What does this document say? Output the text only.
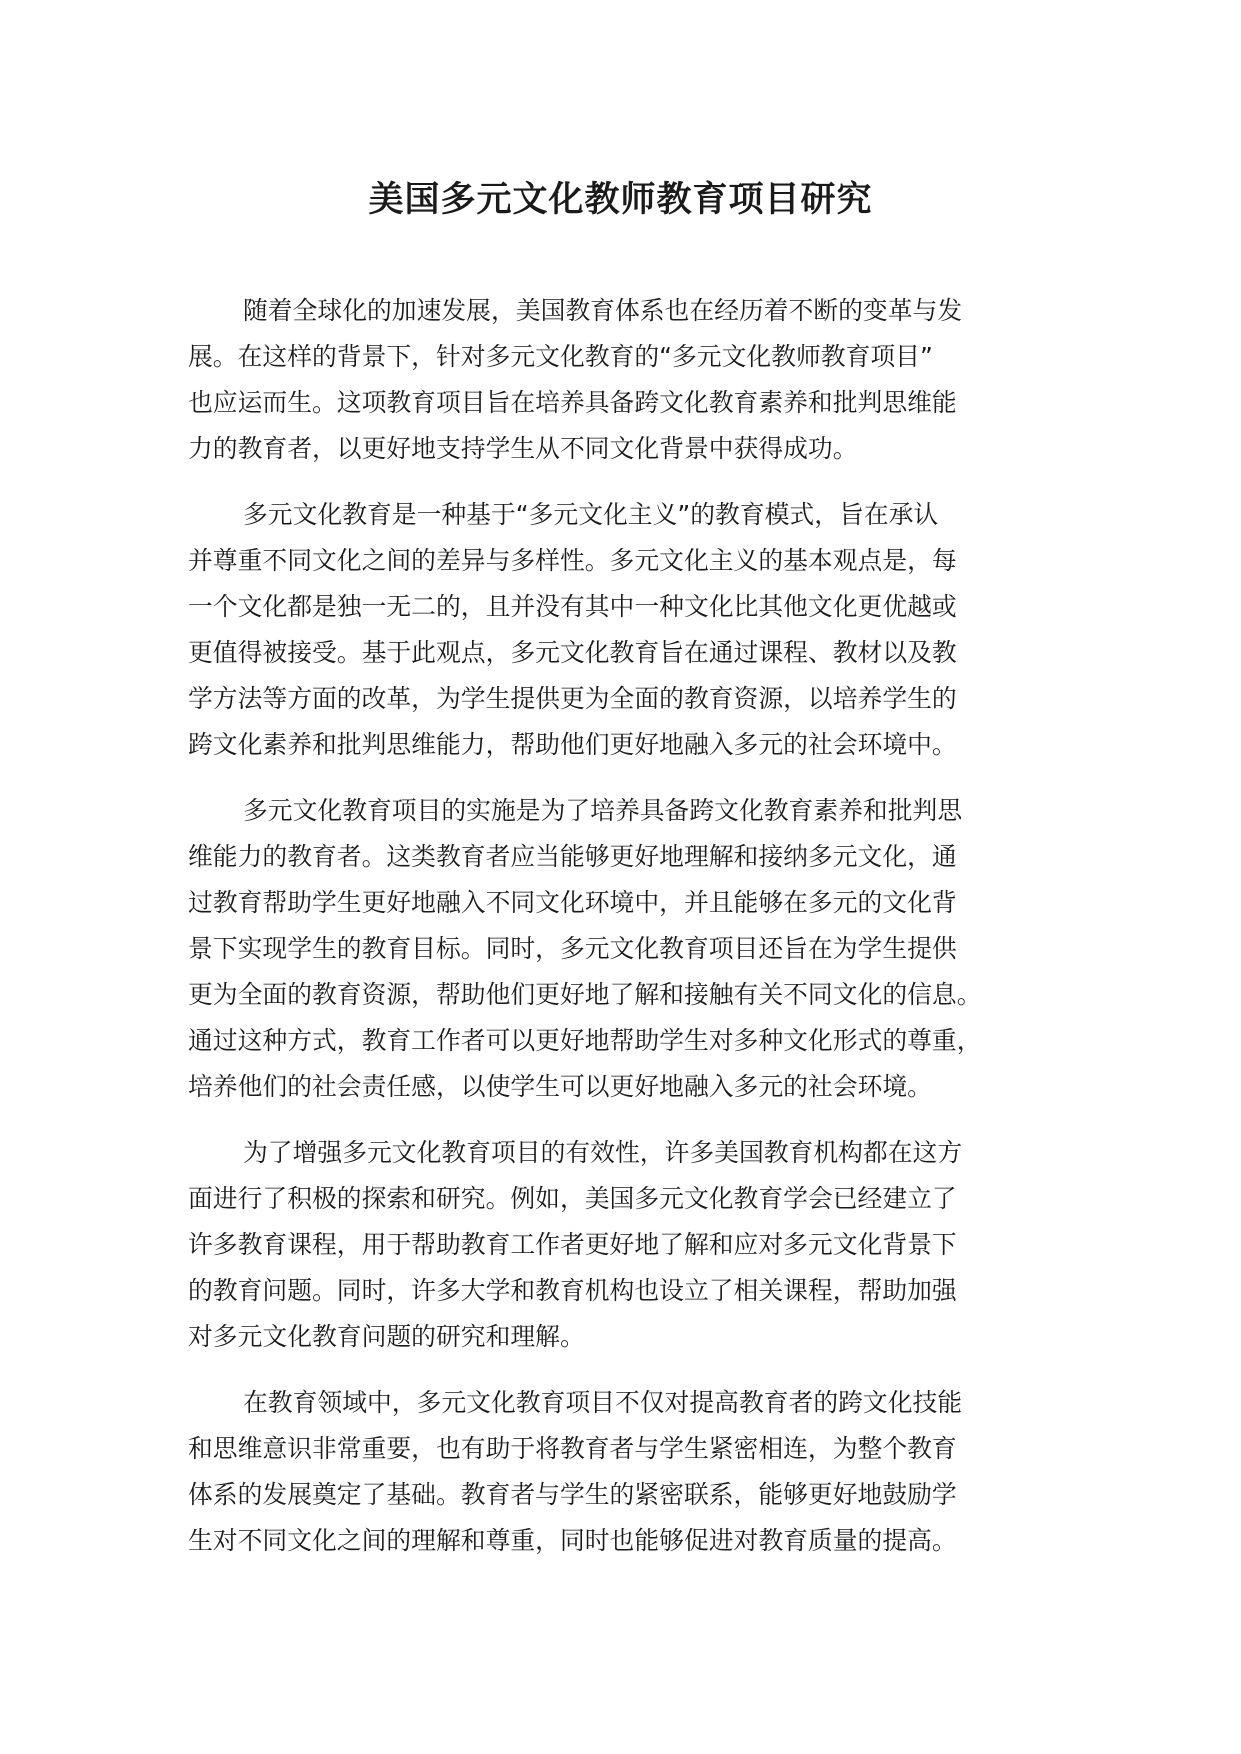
美国多元文化教师教育项目研究

随着全球化的加速发展，美国教育体系也在经历着不断的变革与发
展。在这样的背景下，针对多元文化教育的“多元文化教师教育项目”
也应运而生。这项教育项目旨在培养具备跨文化教育素养和批判思维能
力的教育者，以更好地支持学生从不同文化背景中获得成功。

多元文化教育是一种基于“多元文化主义”的教育模式，旨在承认
并尊重不同文化之间的差异与多样性。多元文化主义的基本观点是，每
一个文化都是独一无二的，且并没有其中一种文化比其他文化更优越或
更值得被接受。基于此观点，多元文化教育旨在通过课程、教材以及教
学方法等方面的改革，为学生提供更为全面的教育资源，以培养学生的
跨文化素养和批判思维能力，帮助他们更好地融入多元的社会环境中。

多元文化教育项目的实施是为了培养具备跨文化教育素养和批判思
维能力的教育者。这类教育者应当能够更好地理解和接纳多元文化，通
过教育帮助学生更好地融入不同文化环境中，并且能够在多元的文化背
景下实现学生的教育目标。同时，多元文化教育项目还旨在为学生提供
更为全面的教育资源，帮助他们更好地了解和接触有关不同文化的信息。
通过这种方式，教育工作者可以更好地帮助学生对多种文化形式的尊重，
培养他们的社会责任感，以使学生可以更好地融入多元的社会环境。

为了增强多元文化教育项目的有效性，许多美国教育机构都在这方
面进行了积极的探索和研究。例如，美国多元文化教育学会已经建立了
许多教育课程，用于帮助教育工作者更好地了解和应对多元文化背景下
的教育问题。同时，许多大学和教育机构也设立了相关课程，帮助加强
对多元文化教育问题的研究和理解。

在教育领域中，多元文化教育项目不仅对提高教育者的跨文化技能
和思维意识非常重要，也有助于将教育者与学生紧密相连，为整个教育
体系的发展奠定了基础。教育者与学生的紧密联系，能够更好地鼓励学
生对不同文化之间的理解和尊重，同时也能够促进对教育质量的提高。
